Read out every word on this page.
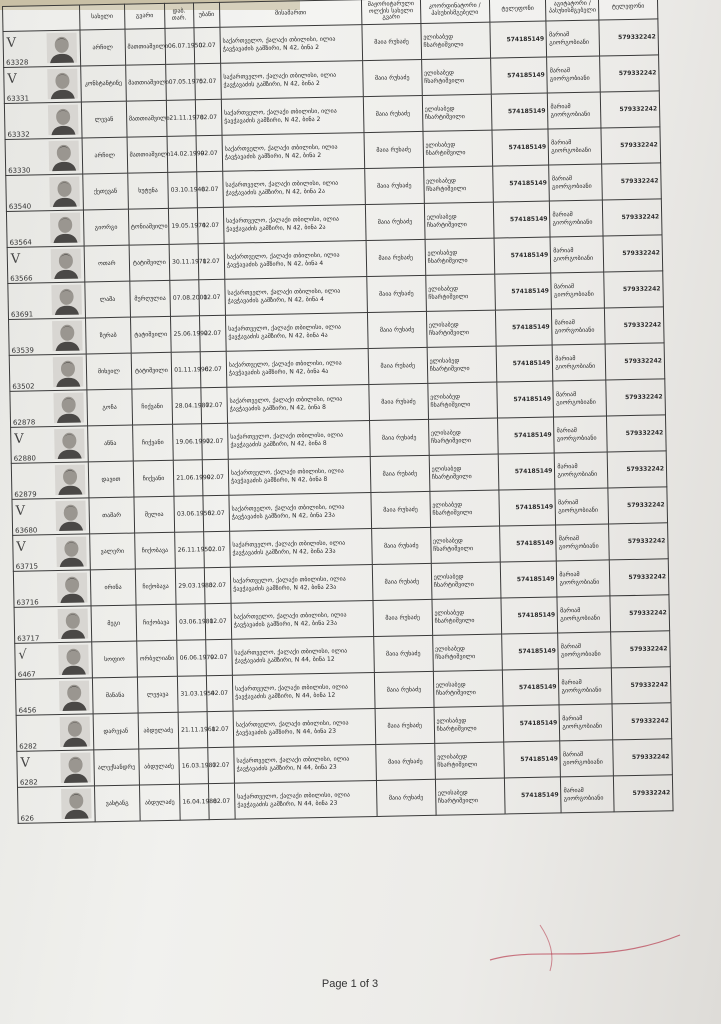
	სახელი	გვარი	დაბ. თარ.	უბანი	მისამართი	მაჟორიტარული ოლქის სახელი გვარი	კოორდინატორი / პასუხისმგებელი	ტელეფონი	აგიტატორი / პასუხისმგებელი	ტელეფონი

V
63328	არჩილ	მათთიაშვილი	06.07.1950	02.07	საქართველო, ქალაქი თბილისი, ილია ჭავჭავაძის გამზირი, N 42, ბინა 2	მაია რუხაძე	ელისაბედ ჩხარტიშვილი	574185149	მარიამ გიორგობიანი	579332242

V
63331	კონსტანტინე	მათთიაშვილი	07.05.1975	02.07	საქართველო, ქალაქი თბილისი, ილია ჭავჭავაძის გამზირი, N 42, ბინა 2	მაია რუხაძე	ელისაბედ ჩხარტიშვილი	574185149	მარიამ გიორგობიანი	579332242

63332	ლევან	მათთიაშვილი	21.11.1978	02.07	საქართველო, ქალაქი თბილისი, ილია ჭავჭავაძის გამზირი, N 42, ბინა 2	მაია რუხაძე	ელისაბედ ჩხარტიშვილი	574185149	მარიამ გიორგობიანი	579332242

63330	არჩილ	მათთიაშვილი	14.02.1999	02.07	საქართველო, ქალაქი თბილისი, ილია ჭავჭავაძის გამზირი, N 42, ბინა 2	მაია რუხაძე	ელისაბედ ჩხარტიშვილი	574185149	მარიამ გიორგობიანი	579332242

63540	ქეთევან	ხუტუნა	03.10.1948	02.07	საქართველო, ქალაქი თბილისი, ილია ჭავჭავაძის გამზირი, N 42, ბინა 2ა	მაია რუხაძე	ელისაბედ ჩხარტიშვილი	574185149	მარიამ გიორგობიანი	579332242

63564	გიორგი	ტონიაშვილი	19.05.1974	02.07	საქართველო, ქალაქი თბილისი, ილია ჭავჭავაძის გამზირი, N 42, ბინა 2ა	მაია რუხაძე	ელისაბედ ჩხარტიშვილი	574185149	მარიამ გიორგობიანი	579332242

V
63566	ოთარ	ტატიშვილი	30.11.1971	02.07	საქართველო, ქალაქი თბილისი, ილია ჭავჭავაძის გამზირი, N 42, ბინა 4	მაია რუხაძე	ელისაბედ ჩხარტიშვილი	574185149	მარიამ გიორგობიანი	579332242

63691	ლაშა	მურღულია	07.08.2001	02.07	საქართველო, ქალაქი თბილისი, ილია ჭავჭავაძის გამზირი, N 42, ბინა 4	მაია რუხაძე	ელისაბედ ჩხარტიშვილი	574185149	მარიამ გიორგობიანი	579332242

63539	ზურაბ	ტატიშვილი	25.06.1992	02.07	საქართველო, ქალაქი თბილისი, ილია ჭავჭავაძის გამზირი, N 42, ბინა 4ა	მაია რუხაძე	ელისაბედ ჩხარტიშვილი	574185149	მარიამ გიორგობიანი	579332242

63502	მიხეილ	ტატიშვილი	01.11.1996	02.07	საქართველო, ქალაქი თბილისი, ილია ჭავჭავაძის გამზირი, N 42, ბინა 4ა	მაია რუხაძე	ელისაბედ ჩხარტიშვილი	574185149	მარიამ გიორგობიანი	579332242

62878	გოჩა	ჩიქვანი	28.04.1987	02.07	საქართველო, ქალაქი თბილისი, ილია ჭავჭავაძის გამზირი, N 42, ბინა 8	მაია რუხაძე	ელისაბედ ჩხარტიშვილი	574185149	მარიამ გიორგობიანი	579332242

V
62880	ანნა	ჩიქვანი	19.06.1997	02.07	საქართველო, ქალაქი თბილისი, ილია ჭავჭავაძის გამზირი, N 42, ბინა 8	მაია რუხაძე	ელისაბედ ჩხარტიშვილი	574185149	მარიამ გიორგობიანი	579332242

62879	დავით	ჩიქვანი	21.06.1999	02.07	საქართველო, ქალაქი თბილისი, ილია ჭავჭავაძის გამზირი, N 42, ბინა 8	მაია რუხაძე	ელისაბედ ჩხარტიშვილი	574185149	მარიამ გიორგობიანი	579332242

V
63680	თამარ	შელია	03.06.1956	02.07	საქართველო, ქალაქი თბილისი, ილია ჭავჭავაძის გამზირი, N 42, ბინა 23ა	მაია რუხაძე	ელისაბედ ჩხარტიშვილი	574185149	მარიამ გიორგობიანი	579332242

V
63715	ვალერი	ჩიქობავა	26.11.1950	02.07	საქართველო, ქალაქი თბილისი, ილია ჭავჭავაძის გამზირი, N 42, ბინა 23ა	მაია რუხაძე	ელისაბედ ჩხარტიშვილი	574185149	მარიამ გიორგობიანი	579332242

63716	ირინა	ჩიქობავა	29.03.1983	02.07	საქართველო, ქალაქი თბილისი, ილია ჭავჭავაძის გამზირი, N 42, ბინა 23ა	მაია რუხაძე	ელისაბედ ჩხარტიშვილი	574185149	მარიამ გიორგობიანი	579332242

63717	მეგი	ჩიქობავა	03.06.1981	02.07	საქართველო, ქალაქი თბილისი, ილია ჭავჭავაძის გამზირი, N 42, ბინა 23ა	მაია რუხაძე	ელისაბედ ჩხარტიშვილი	574185149	მარიამ გიორგობიანი	579332242

√
6467	სოფიო	ორბელიანი	06.06.1979	02.07	საქართველო, ქალაქი თბილისი, ილია ჭავჭავაძის გამზირი, N 44, ბინა 12	მაია რუხაძე	ელისაბედ ჩხარტიშვილი	574185149	მარიამ გიორგობიანი	579332242

6456	მანანა	ლეჟავა	31.03.1954	02.07	საქართველო, ქალაქი თბილისი, ილია ჭავჭავაძის გამზირი, N 44, ბინა 12	მაია რუხაძე	ელისაბედ ჩხარტიშვილი	574185149	მარიამ გიორგობიანი	579332242

6282	დარეჯან	აბდულაძე	21.11.1961	02.07	საქართველო, ქალაქი თბილისი, ილია ჭავჭავაძის გამზირი, N 44, ბინა 23	მაია რუხაძე	ელისაბედ ჩხარტიშვილი	574185149	მარიამ გიორგობიანი	579332242

V
6282	ალექსანდრე	აბდულაძე	16.03.1987	02.07	საქართველო, ქალაქი თბილისი, ილია ჭავჭავაძის გამზირი, N 44, ბინა 23	მაია რუხაძე	ელისაბედ ჩხარტიშვილი	574185149	მარიამ გიორგობიანი	579332242

626	ვახტანგ	აბდულაძე	16.04.1988	02.07	საქართველო, ქალაქი თბილისი, ილია ჭავჭავაძის გამზირი, N 44, ბინა 23	მაია რუხაძე	ელისაბედ ჩხარტიშვილი	574185149	მარიამ გიორგობიანი	579332242
Page 1 of 3
